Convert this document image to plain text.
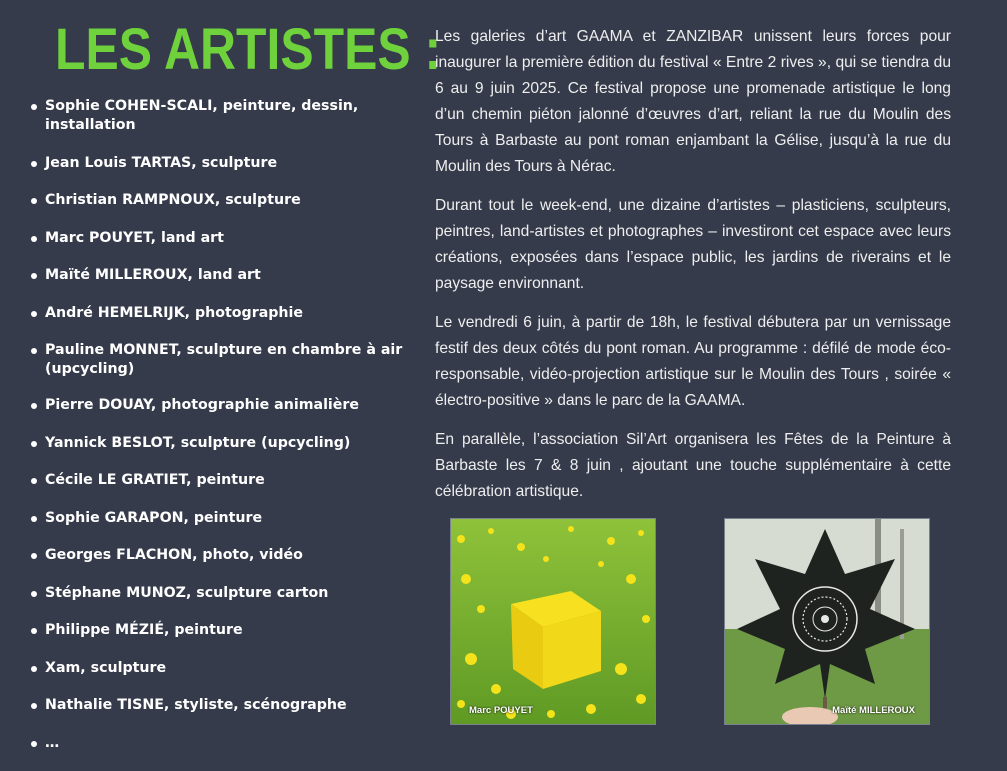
LES ARTISTES :
Sophie COHEN-SCALI, peinture, dessin, installation
Jean Louis TARTAS, sculpture
Christian RAMPNOUX, sculpture
Marc POUYET, land art
Maïté MILLEROUX, land art
André HEMELRIJK, photographie
Pauline MONNET, sculpture en chambre à air (upcycling)
Pierre DOUAY, photographie animalière
Yannick BESLOT, sculpture (upcycling)
Cécile LE GRATIET, peinture
Sophie GARAPON, peinture
Georges FLACHON, photo, vidéo
Stéphane MUNOZ, sculpture carton
Philippe MÉZIÉ, peinture
Xam, sculpture
Nathalie TISNE, styliste, scénographe
…

Les galeries d’art GAAMA et ZANZIBAR unissent leurs forces pour inaugurer la première édition du festival « Entre 2 rives », qui se tiendra du 6 au 9 juin 2025. Ce festival propose une promenade artistique le long d’un chemin piéton jalonné d’œuvres d’art, reliant la rue du Moulin des Tours à Barbaste au pont roman enjambant la Gélise, jusqu’à la rue du Moulin des Tours à Nérac.

Durant tout le week-end, une dizaine d’artistes – plasticiens, sculpteurs, peintres, land-artistes et photographes – investiront cet espace avec leurs créations, exposées dans l’espace public, les jardins de riverains et le paysage environnant.

Le vendredi 6 juin, à partir de 18h, le festival débutera par un vernissage festif des deux côtés du pont roman. Au programme : défilé de mode éco-responsable, vidéo-projection artistique sur le Moulin des Tours , soirée « électro-positive » dans le parc de la GAAMA.

En parallèle, l’association Sil’Art organisera les Fêtes de la Peinture à Barbaste les 7 & 8 juin , ajoutant une touche supplémentaire à cette célébration artistique.

Marc POUYET	Maïté MILLEROUX
